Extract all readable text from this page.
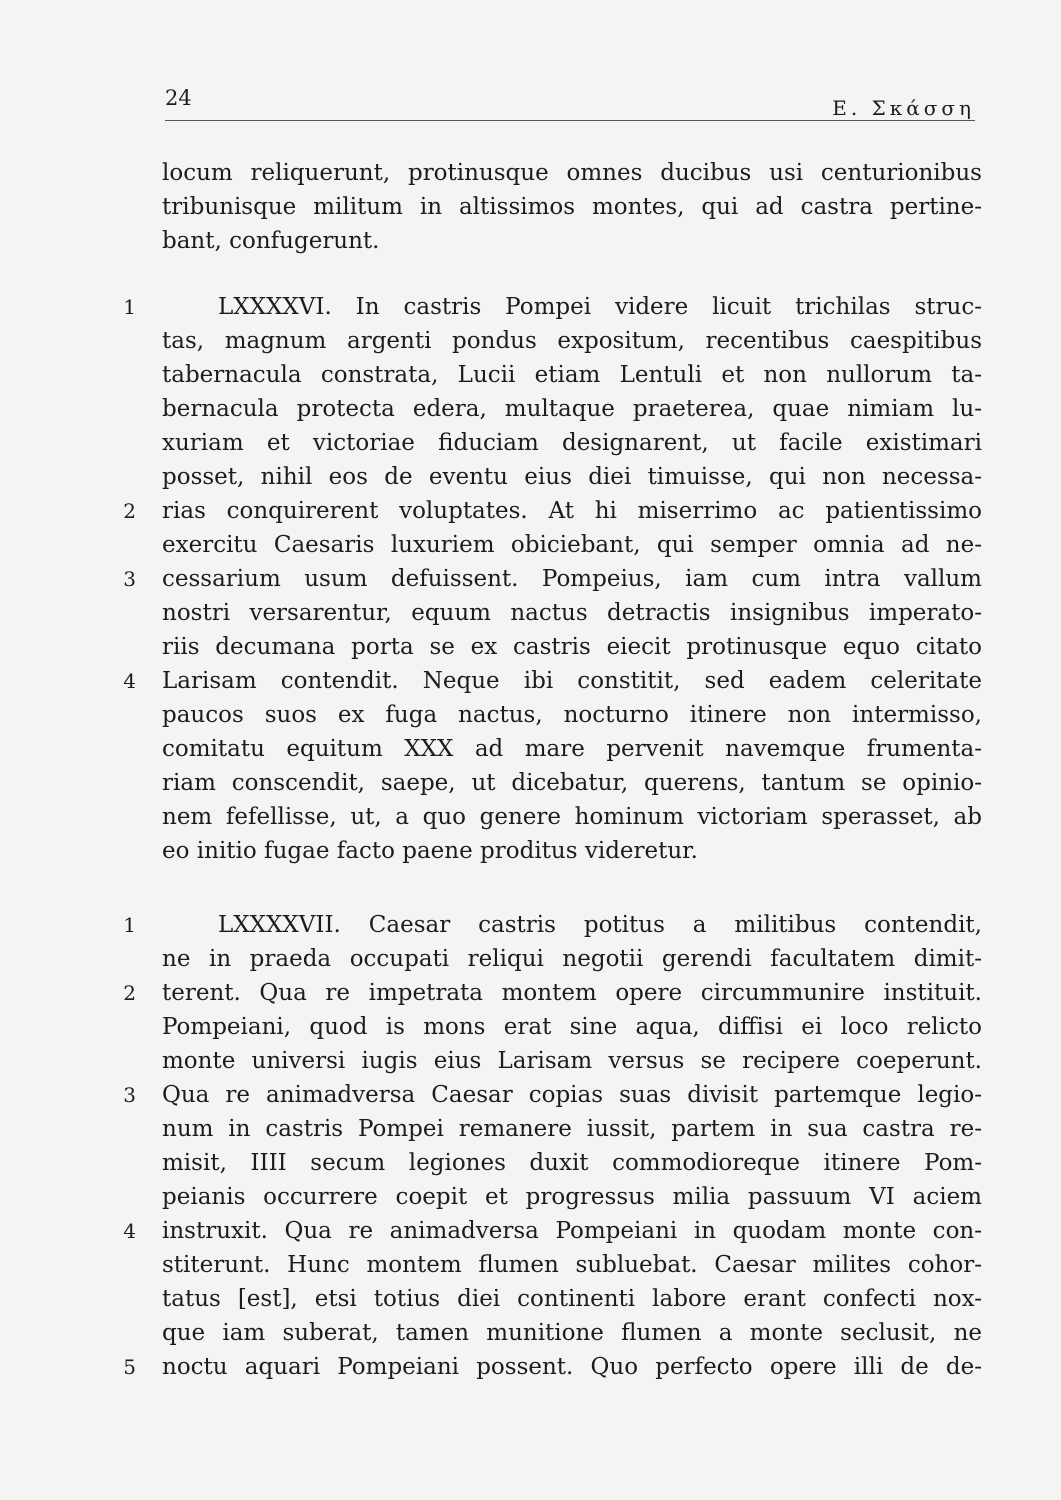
24	Ε. Σκάσση
locum reliquerunt, protinusque omnes ducibus usi centurionibus
tribunisque militum in altissimos montes, qui ad castra pertine-
bant, confugerunt.
1
2
3
4
LXXXXVI. In castris Pompei videre licuit trichilas struc-
tas, magnum argenti pondus expositum, recentibus caespitibus
tabernacula constrata, Lucii etiam Lentuli et non nullorum ta-
bernacula protecta edera, multaque praeterea, quae nimiam lu-
xuriam et victoriae fiduciam designarent, ut facile existimari
posset, nihil eos de eventu eius diei timuisse, qui non necessa-
rias conquirerent voluptates. At hi miserrimo ac patientissimo
exercitu Caesaris luxuriem obiciebant, qui semper omnia ad ne-
cessarium usum defuissent. Pompeius, iam cum intra vallum
nostri versarentur, equum nactus detractis insignibus imperato-
riis decumana porta se ex castris eiecit protinusque equo citato
Larisam contendit. Neque ibi constitit, sed eadem celeritate
paucos suos ex fuga nactus, nocturno itinere non intermisso,
comitatu equitum XXX ad mare pervenit navemque frumenta-
riam conscendit, saepe, ut dicebatur, querens, tantum se opinio-
nem fefellisse, ut, a quo genere hominum victoriam sperasset, ab
eo initio fugae facto paene proditus videretur.
1
2
3
4
5
LXXXXVII. Caesar castris potitus a militibus contendit,
ne in praeda occupati reliqui negotii gerendi facultatem dimit-
terent. Qua re impetrata montem opere circummunire instituit.
Pompeiani, quod is mons erat sine aqua, diffisi ei loco relicto
monte universi iugis eius Larisam versus se recipere coeperunt.
Qua re animadversa Caesar copias suas divisit partemque legio-
num in castris Pompei remanere iussit, partem in sua castra re-
misit, IIII secum legiones duxit commodioreque itinere Pom-
peianis occurrere coepit et progressus milia passuum VI aciem
instruxit. Qua re animadversa Pompeiani in quodam monte con-
stiterunt. Hunc montem flumen subluebat. Caesar milites cohor-
tatus [est], etsi totius diei continenti labore erant confecti nox-
que iam suberat, tamen munitione flumen a monte seclusit, ne
noctu aquari Pompeiani possent. Quo perfecto opere illi de de-
